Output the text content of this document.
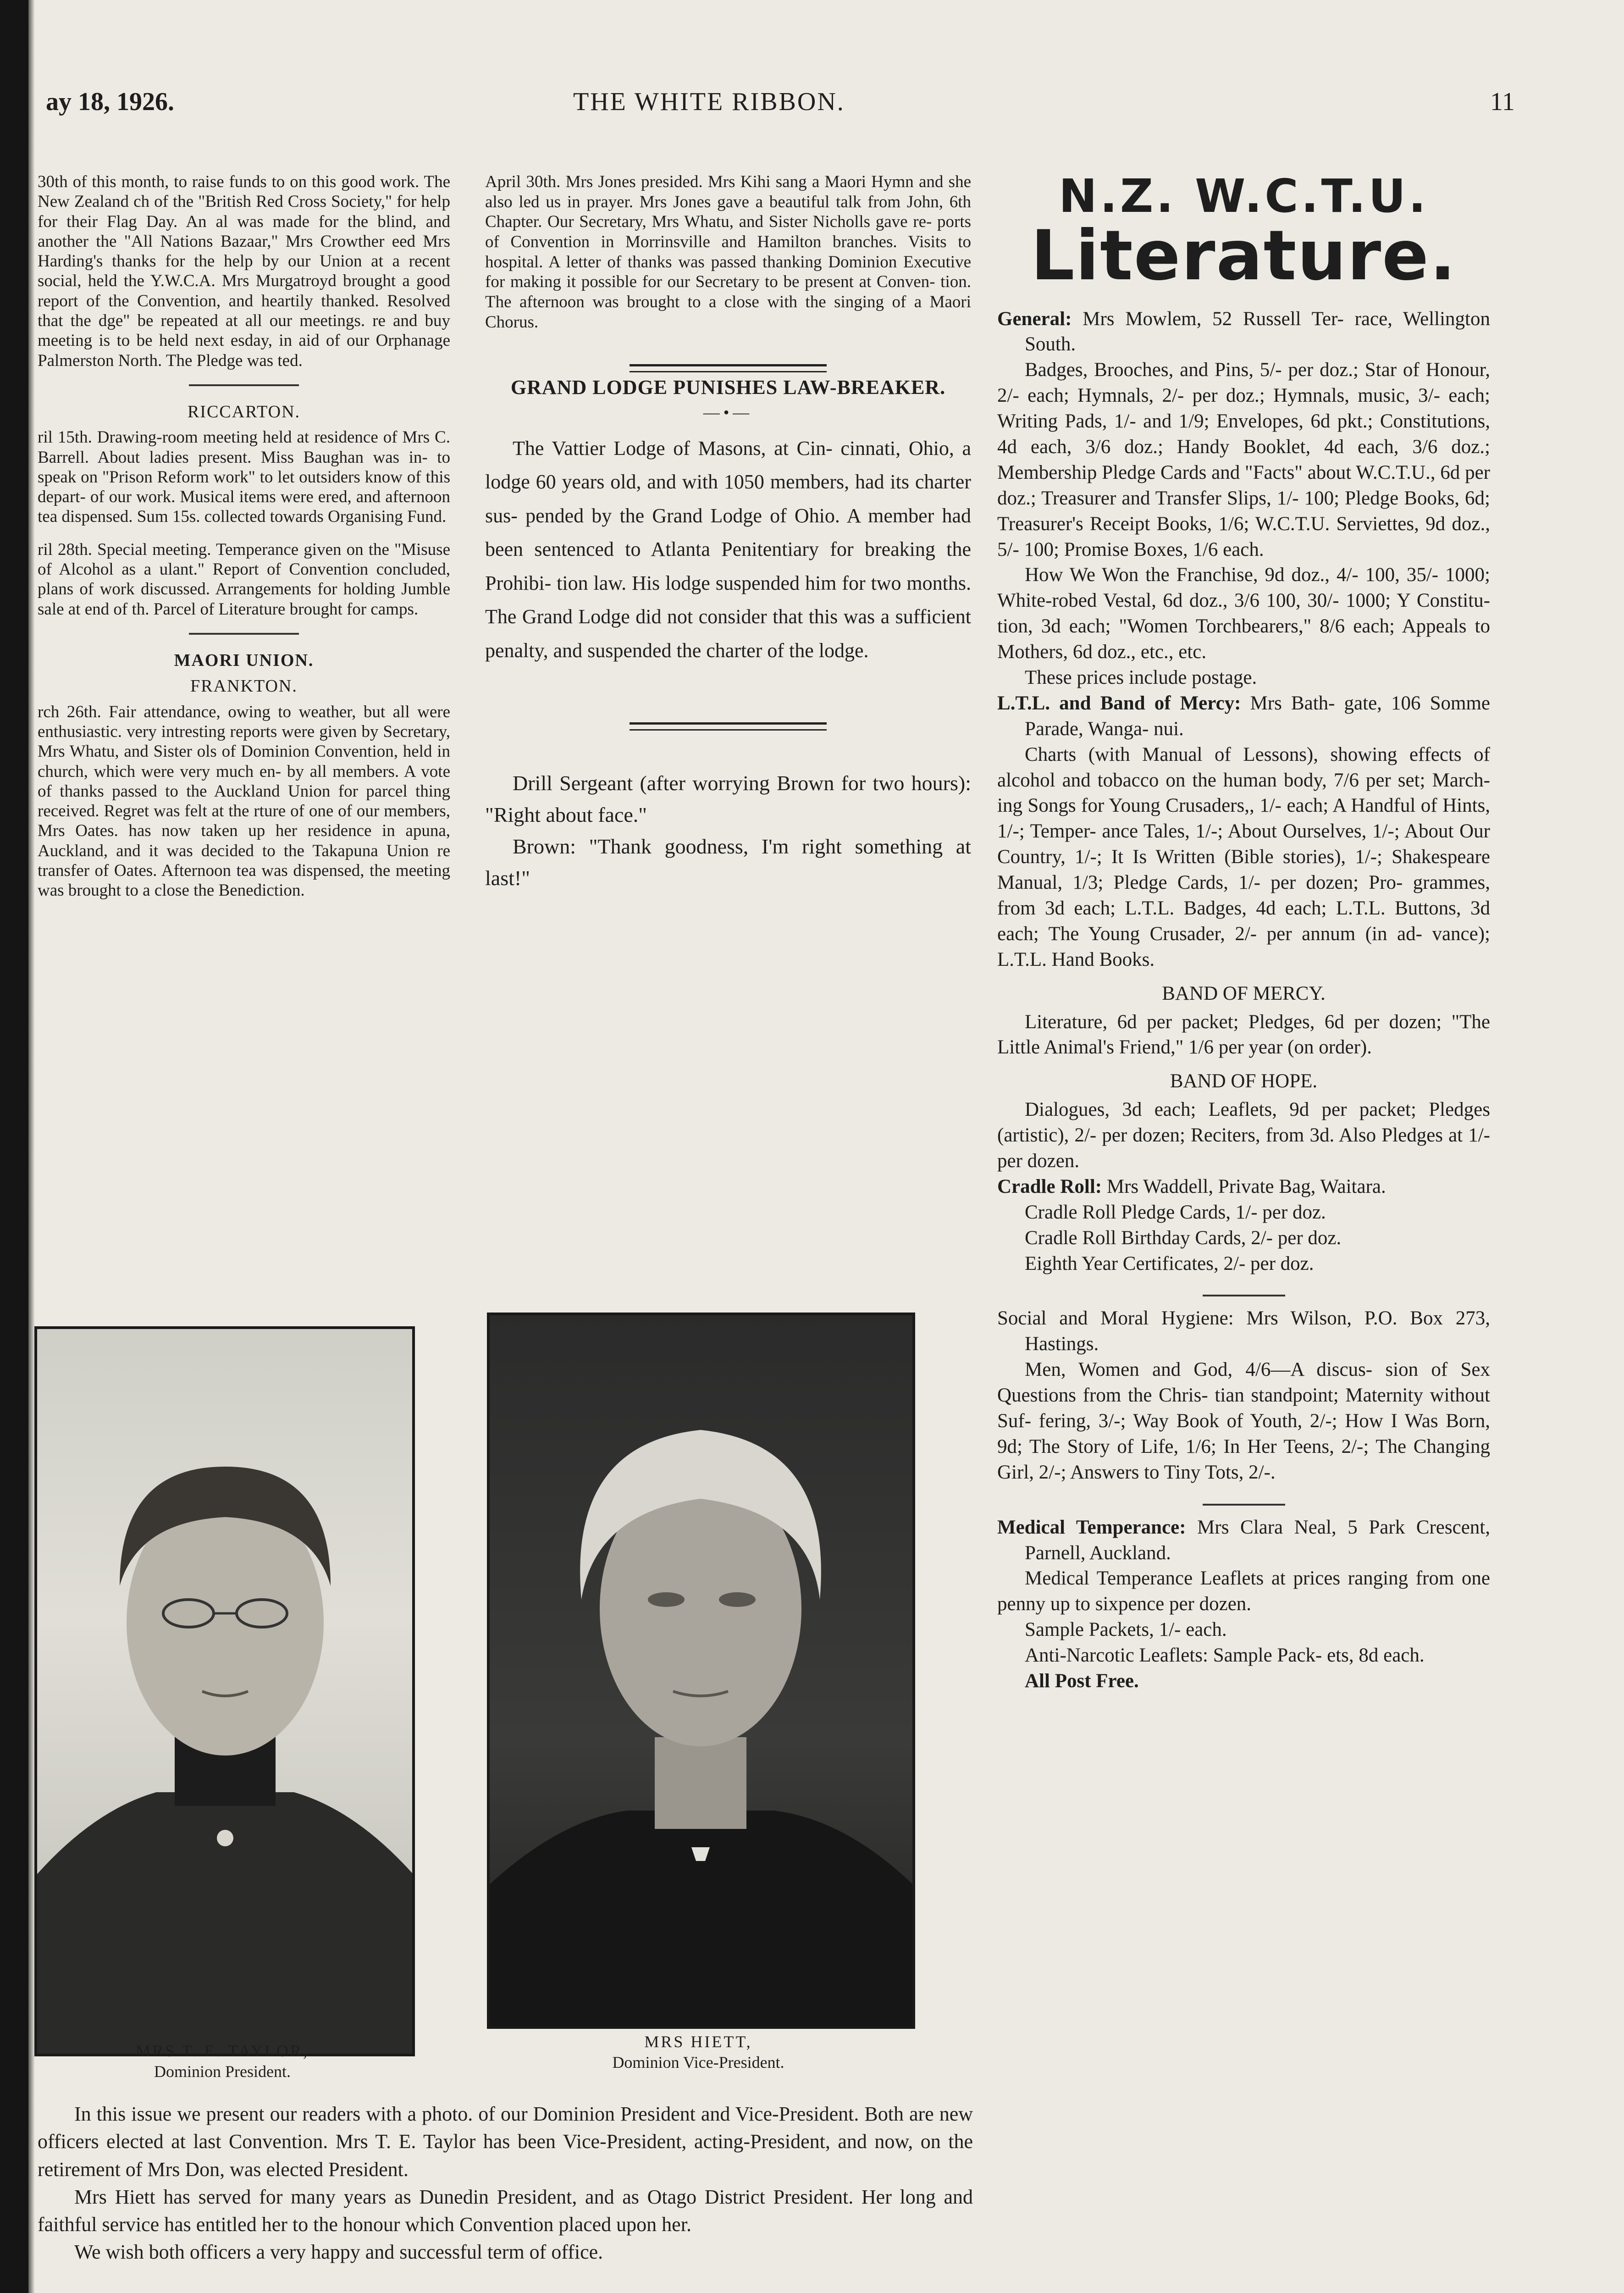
ay 18, 1926.	THE WHITE RIBBON.	11

30th of this month, to raise funds to on this good work. The New Zealand ch of the "British Red Cross Society," for help for their Flag Day. An al was made for the blind, and another the "All Nations Bazaar," Mrs Crowther eed Mrs Harding's thanks for the help by our Union at a recent social, held the Y.W.C.A. Mrs Murgatroyd brought a good report of the Convention, and heartily thanked. Resolved that the dge" be repeated at all our meetings. re and buy meeting is to be held next esday, in aid of our Orphanage Palmerston North. The Pledge was ted.

RICCARTON.

ril 15th. Drawing-room meeting held at residence of Mrs C. Barrell. About ladies present. Miss Baughan was in- to speak on "Prison Reform work" to let outsiders know of this depart- of our work. Musical items were ered, and afternoon tea dispensed. Sum 15s. collected towards Organising Fund.

ril 28th. Special meeting. Temperance given on the "Misuse of Alcohol as a ulant." Report of Convention concluded, plans of work discussed. Arrangements for holding Jumble sale at end of th. Parcel of Literature brought for camps.

MAORI UNION.

FRANKTON.

rch 26th. Fair attendance, owing to weather, but all were enthusiastic. very intresting reports were given by Secretary, Mrs Whatu, and Sister ols of Dominion Convention, held in church, which were very much en- by all members. A vote of thanks passed to the Auckland Union for parcel thing received. Regret was felt at the rture of one of our members, Mrs Oates. has now taken up her residence in apuna, Auckland, and it was decided to the Takapuna Union re transfer of Oates. Afternoon tea was dispensed, the meeting was brought to a close the Benediction.

April 30th. Mrs Jones presided. Mrs Kihi sang a Maori Hymn and she also led us in prayer. Mrs Jones gave a beautiful talk from John, 6th Chapter. Our Secretary, Mrs Whatu, and Sister Nicholls gave re- ports of Convention in Morrinsville and Hamilton branches. Visits to hospital. A letter of thanks was passed thanking Dominion Executive for making it possible for our Secretary to be present at Conven- tion. The afternoon was brought to a close with the singing of a Maori Chorus.

GRAND LODGE PUNISHES LAW-BREAKER.

—•—

The Vattier Lodge of Masons, at Cin- cinnati, Ohio, a lodge 60 years old, and with 1050 members, had its charter sus- pended by the Grand Lodge of Ohio. A member had been sentenced to Atlanta Penitentiary for breaking the Prohibi- tion law. His lodge suspended him for two months. The Grand Lodge did not consider that this was a sufficient penalty, and suspended the charter of the lodge.

Drill Sergeant (after worrying Brown for two hours): "Right about face."

Brown: "Thank goodness, I'm right something at last!"

MRS T. E. TAYLOR,
Dominion President.
MRS HIETT,
Dominion Vice-President.

In this issue we present our readers with a photo. of our Dominion President and Vice-President. Both are new officers elected at last Convention. Mrs T. E. Taylor has been Vice-President, acting-President, and now, on the retirement of Mrs Don, was elected President.

Mrs Hiett has served for many years as Dunedin President, and as Otago District President. Her long and faithful service has entitled her to the honour which Convention placed upon her.

We wish both officers a very happy and successful term of office.

N.Z. W.C.T.U.
Literature.

General: Mrs Mowlem, 52 Russell Ter- race, Wellington South.

Badges, Brooches, and Pins, 5/- per doz.; Star of Honour, 2/- each; Hymnals, 2/- per doz.; Hymnals, music, 3/- each; Writing Pads, 1/- and 1/9; Envelopes, 6d pkt.; Constitutions, 4d each, 3/6 doz.; Handy Booklet, 4d each, 3/6 doz.; Membership Pledge Cards and "Facts" about W.C.T.U., 6d per doz.; Treasurer and Transfer Slips, 1/- 100; Pledge Books, 6d; Treasurer's Receipt Books, 1/6; W.C.T.U. Serviettes, 9d doz., 5/- 100; Promise Boxes, 1/6 each.

How We Won the Franchise, 9d doz., 4/- 100, 35/- 1000; White-robed Vestal, 6d doz., 3/6 100, 30/- 1000; Y Constitu- tion, 3d each; "Women Torchbearers," 8/6 each; Appeals to Mothers, 6d doz., etc., etc.

These prices include postage.

L.T.L. and Band of Mercy: Mrs Bath- gate, 106 Somme Parade, Wanga- nui.

Charts (with Manual of Lessons), showing effects of alcohol and tobacco on the human body, 7/6 per set; March- ing Songs for Young Crusaders,, 1/- each; A Handful of Hints, 1/-; Temper- ance Tales, 1/-; About Ourselves, 1/-; About Our Country, 1/-; It Is Written (Bible stories), 1/-; Shakespeare Manual, 1/3; Pledge Cards, 1/- per dozen; Pro- grammes, from 3d each; L.T.L. Badges, 4d each; L.T.L. Buttons, 3d each; The Young Crusader, 2/- per annum (in ad- vance); L.T.L. Hand Books.

BAND OF MERCY.

Literature, 6d per packet; Pledges, 6d per dozen; "The Little Animal's Friend," 1/6 per year (on order).

BAND OF HOPE.

Dialogues, 3d each; Leaflets, 9d per packet; Pledges (artistic), 2/- per dozen; Reciters, from 3d. Also Pledges at 1/- per dozen.

Cradle Roll: Mrs Waddell, Private Bag, Waitara.

Cradle Roll Pledge Cards, 1/- per doz.

Cradle Roll Birthday Cards, 2/- per doz.

Eighth Year Certificates, 2/- per doz.

Social and Moral Hygiene: Mrs Wilson, P.O. Box 273, Hastings.

Men, Women and God, 4/6—A discus- sion of Sex Questions from the Chris- tian standpoint; Maternity without Suf- fering, 3/-; Way Book of Youth, 2/-; How I Was Born, 9d; The Story of Life, 1/6; In Her Teens, 2/-; The Changing Girl, 2/-; Answers to Tiny Tots, 2/-.

Medical Temperance: Mrs Clara Neal, 5 Park Crescent, Parnell, Auckland.

Medical Temperance Leaflets at prices ranging from one penny up to sixpence per dozen.

Sample Packets, 1/- each.

Anti-Narcotic Leaflets: Sample Pack- ets, 8d each.

All Post Free.
